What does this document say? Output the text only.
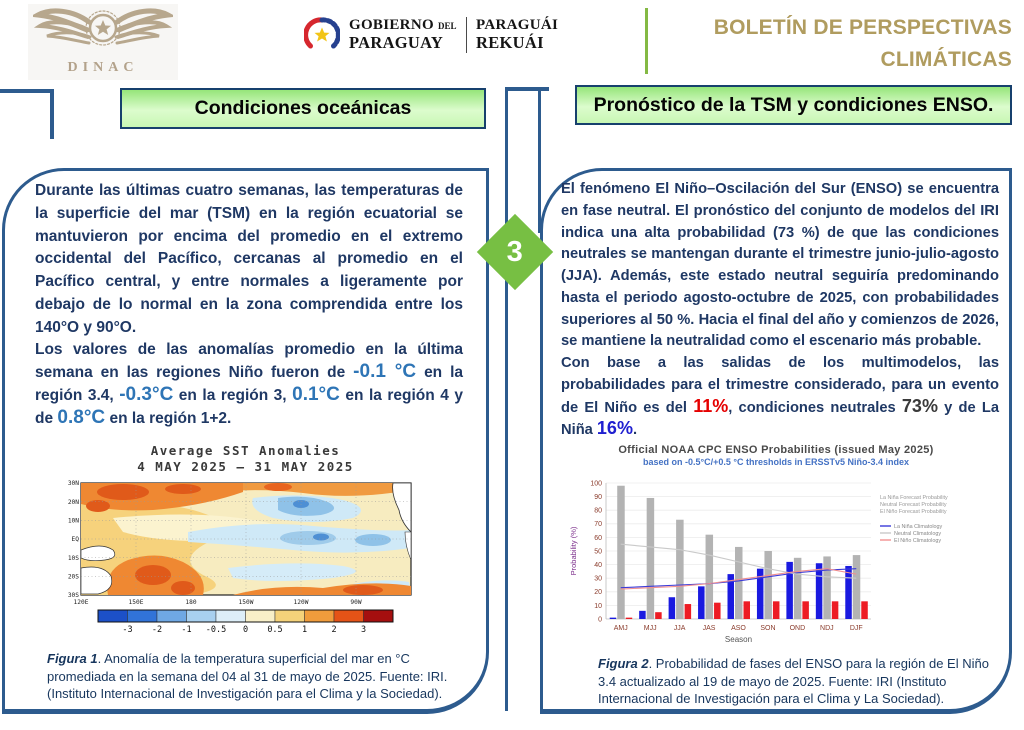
DINAC
GOBIERNO DEL
PARAGUAY
PARAGUÁI
REKUÁI
BOLETÍN DE PERSPECTIVAS
CLIMÁTICAS
Condiciones oceánicas	Pronóstico de la TSM y condiciones ENSO.

Durante las últimas cuatro semanas, las temperaturas de la superficie del mar (TSM) en la región ecuatorial se mantuvieron por encima del promedio en el extremo occidental del Pacífico, cercanas al promedio en el Pacífico central, y entre normales a ligeramente por debajo de lo normal en la zona comprendida entre los 140°O y 90°O.

Los valores de las anomalías promedio en la última semana en las regiones Niño fueron de -0.1 °C en la región 3.4, -0.3°C en la región 3, 0.1°C en la región 4 y de 0.8°C en la región 1+2.

Average SST Anomalies
4 MAY 2025 – 31 MAY 2025
30N
20N
10N
EQ
10S
20S
30S
120E	150E	180	150W	120W	90W
-3 -2 -1 -0.5 0 0.5 1	2	3

Figura 1. Anomalía de la temperatura superficial del mar en °C promediada en la semana del 04 al 31 de mayo de 2025. Fuente: IRI. (Instituto Internacional de Investigación para el Clima y la Sociedad).

El fenómeno El Niño–Oscilación del Sur (ENSO) se encuentra en fase neutral. El pronóstico del conjunto de modelos del IRI indica una alta probabilidad (73 %) de que las condiciones neutrales se mantengan durante el trimestre junio-julio-agosto (JJA). Además, este estado neutral seguiría predominando hasta el periodo agosto-octubre de 2025, con probabilidades superiores al 50 %. Hacia el final del año y comienzos de 2026, se mantiene la neutralidad como el escenario más probable.

Con base a las salidas de los multimodelos, las probabilidades para el trimestre considerado, para un evento de El Niño es del 11%, condiciones neutrales 73% y de La Niña 16%.

Official NOAA CPC ENSO Probabilities (issued May 2025)
based on -0.5°C/+0.5 °C thresholds in ERSSTv5 Niño-3.4 index
0
10
20
30
40
50
60
70
80
90
100
AMJ MJJ JJA JAS ASO SON OND NDJ DJF
Season
Probability (%)
La Niña Forecast Probability
Neutral Forecast Probability
El Niño Forecast Probability
La Niña Climatology
Neutral Climatology
El Niño Climatology

Figura 2. Probabilidad de fases del ENSO para la región de El Niño 3.4 actualizado al 19 de mayo de 2025. Fuente: IRI (Instituto Internacional de Investigación para el Clima y La Sociedad).

3
